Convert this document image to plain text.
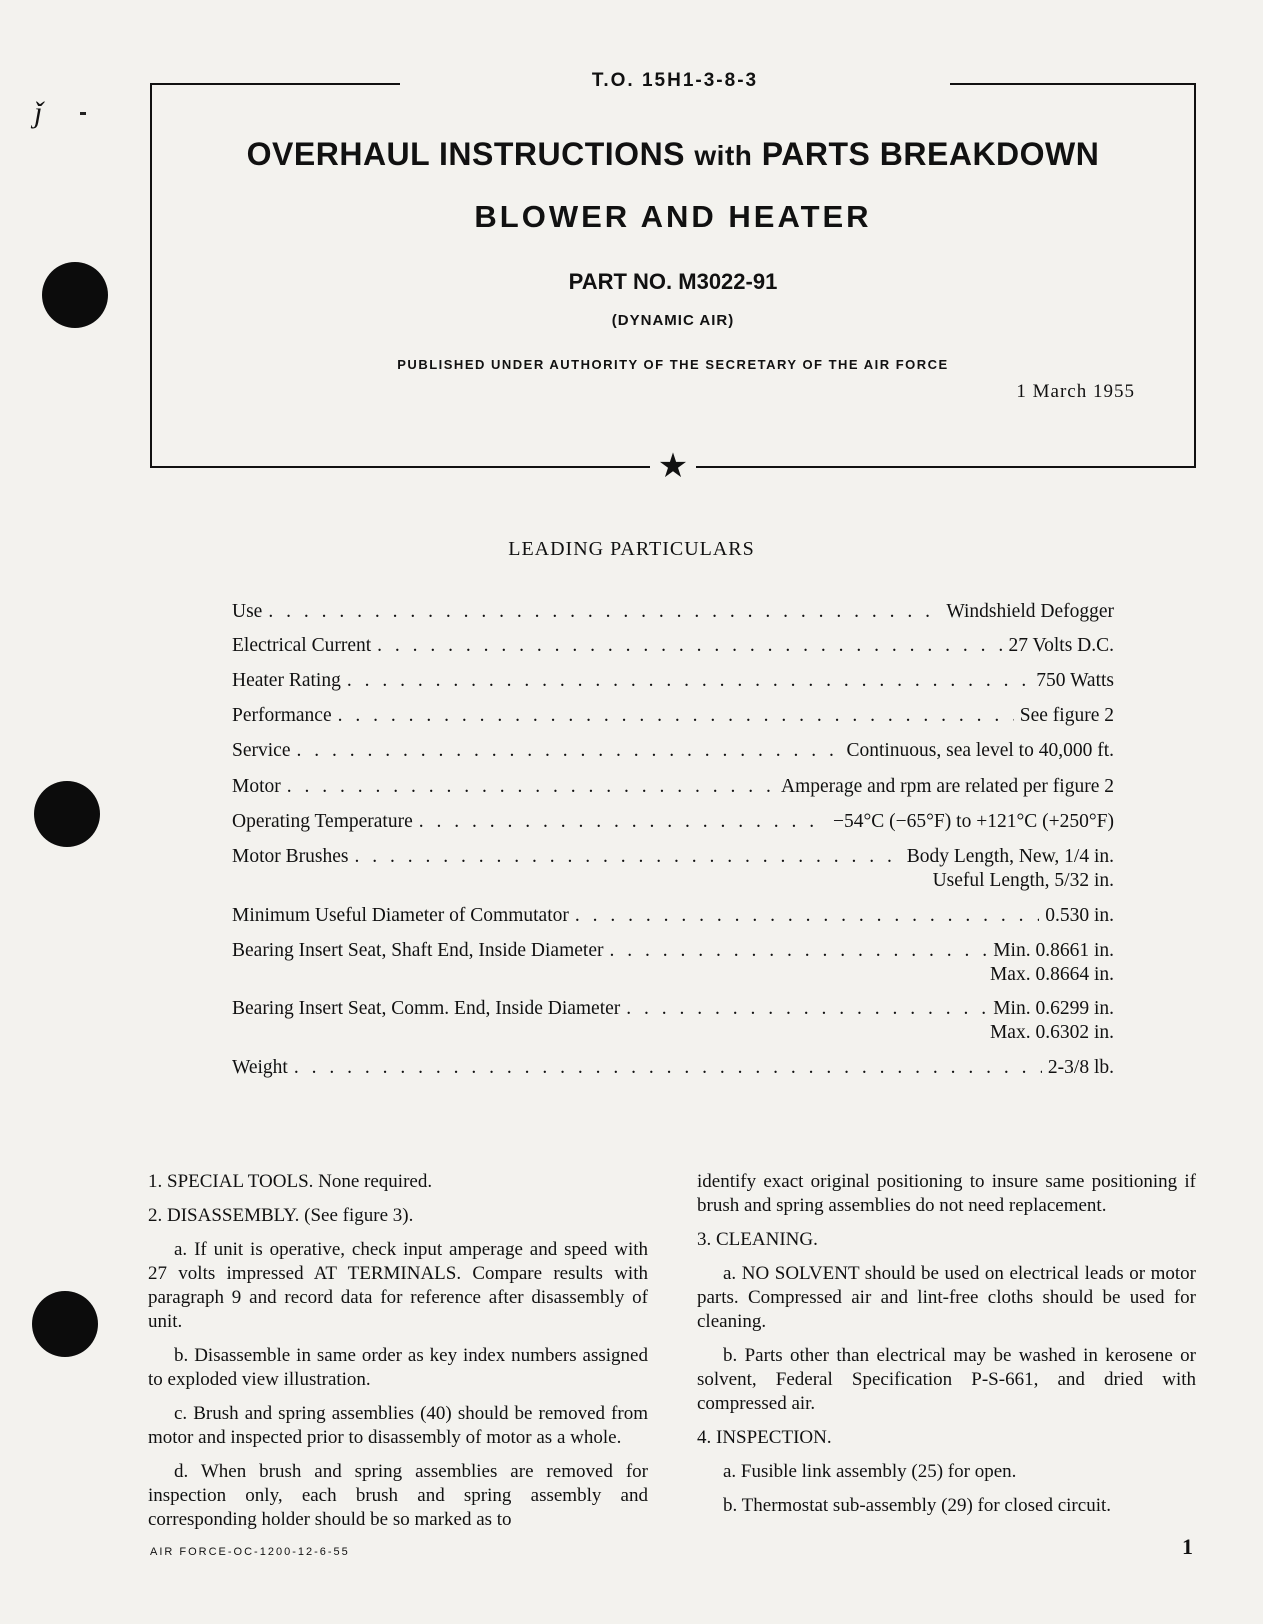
ǰ
T.O. 15H1-3-8-3
★
OVERHAUL INSTRUCTIONS with PARTS BREAKDOWN
BLOWER AND HEATER
PART NO. M3022-91
(DYNAMIC AIR)
PUBLISHED UNDER AUTHORITY OF THE SECRETARY OF THE AIR FORCE
1 March 1955
LEADING PARTICULARS
Use . . .	Windshield Defogger
Electrical Current . . .	27 Volts D.C.
Heater Rating . . .	750 Watts
Performance . . .	See figure 2
Service . . .	Continuous, sea level to 40,000 ft.
Motor . . .	Amperage and rpm are related per figure 2
Operating Temperature . . .	−54°C (−65°F) to +121°C (+250°F)
Motor Brushes . . .	Body Length, New, 1/4 in.
Useful Length, 5/32 in.
Minimum Useful Diameter of Commutator . . .	0.530 in.
Bearing Insert Seat, Shaft End, Inside Diameter . . .	Min. 0.8661 in.
Max. 0.8664 in.
Bearing Insert Seat, Comm. End, Inside Diameter . . .	Min. 0.6299 in.
Max. 0.6302 in.
Weight . . .	2-3/8 lb.

1. SPECIAL TOOLS. None required.

2. DISASSEMBLY. (See figure 3).

a. If unit is operative, check input amperage and speed with 27 volts impressed AT TERMINALS. Compare results with paragraph 9 and record data for reference after disassembly of unit.

b. Disassemble in same order as key index numbers assigned to exploded view illustration.

c. Brush and spring assemblies (40) should be removed from motor and inspected prior to disassembly of motor as a whole.

d. When brush and spring assemblies are removed for inspection only, each brush and spring assembly and corresponding holder should be so marked as to

identify exact original positioning to insure same positioning if brush and spring assemblies do not need replacement.

3. CLEANING.

a. NO SOLVENT should be used on electrical leads or motor parts. Compressed air and lint-free cloths should be used for cleaning.

b. Parts other than electrical may be washed in kerosene or solvent, Federal Specification P-S-661, and dried with compressed air.

4. INSPECTION.

a. Fusible link assembly (25) for open.

b. Thermostat sub-assembly (29) for closed circuit.

AIR FORCE-OC-1200-12-6-55	1
